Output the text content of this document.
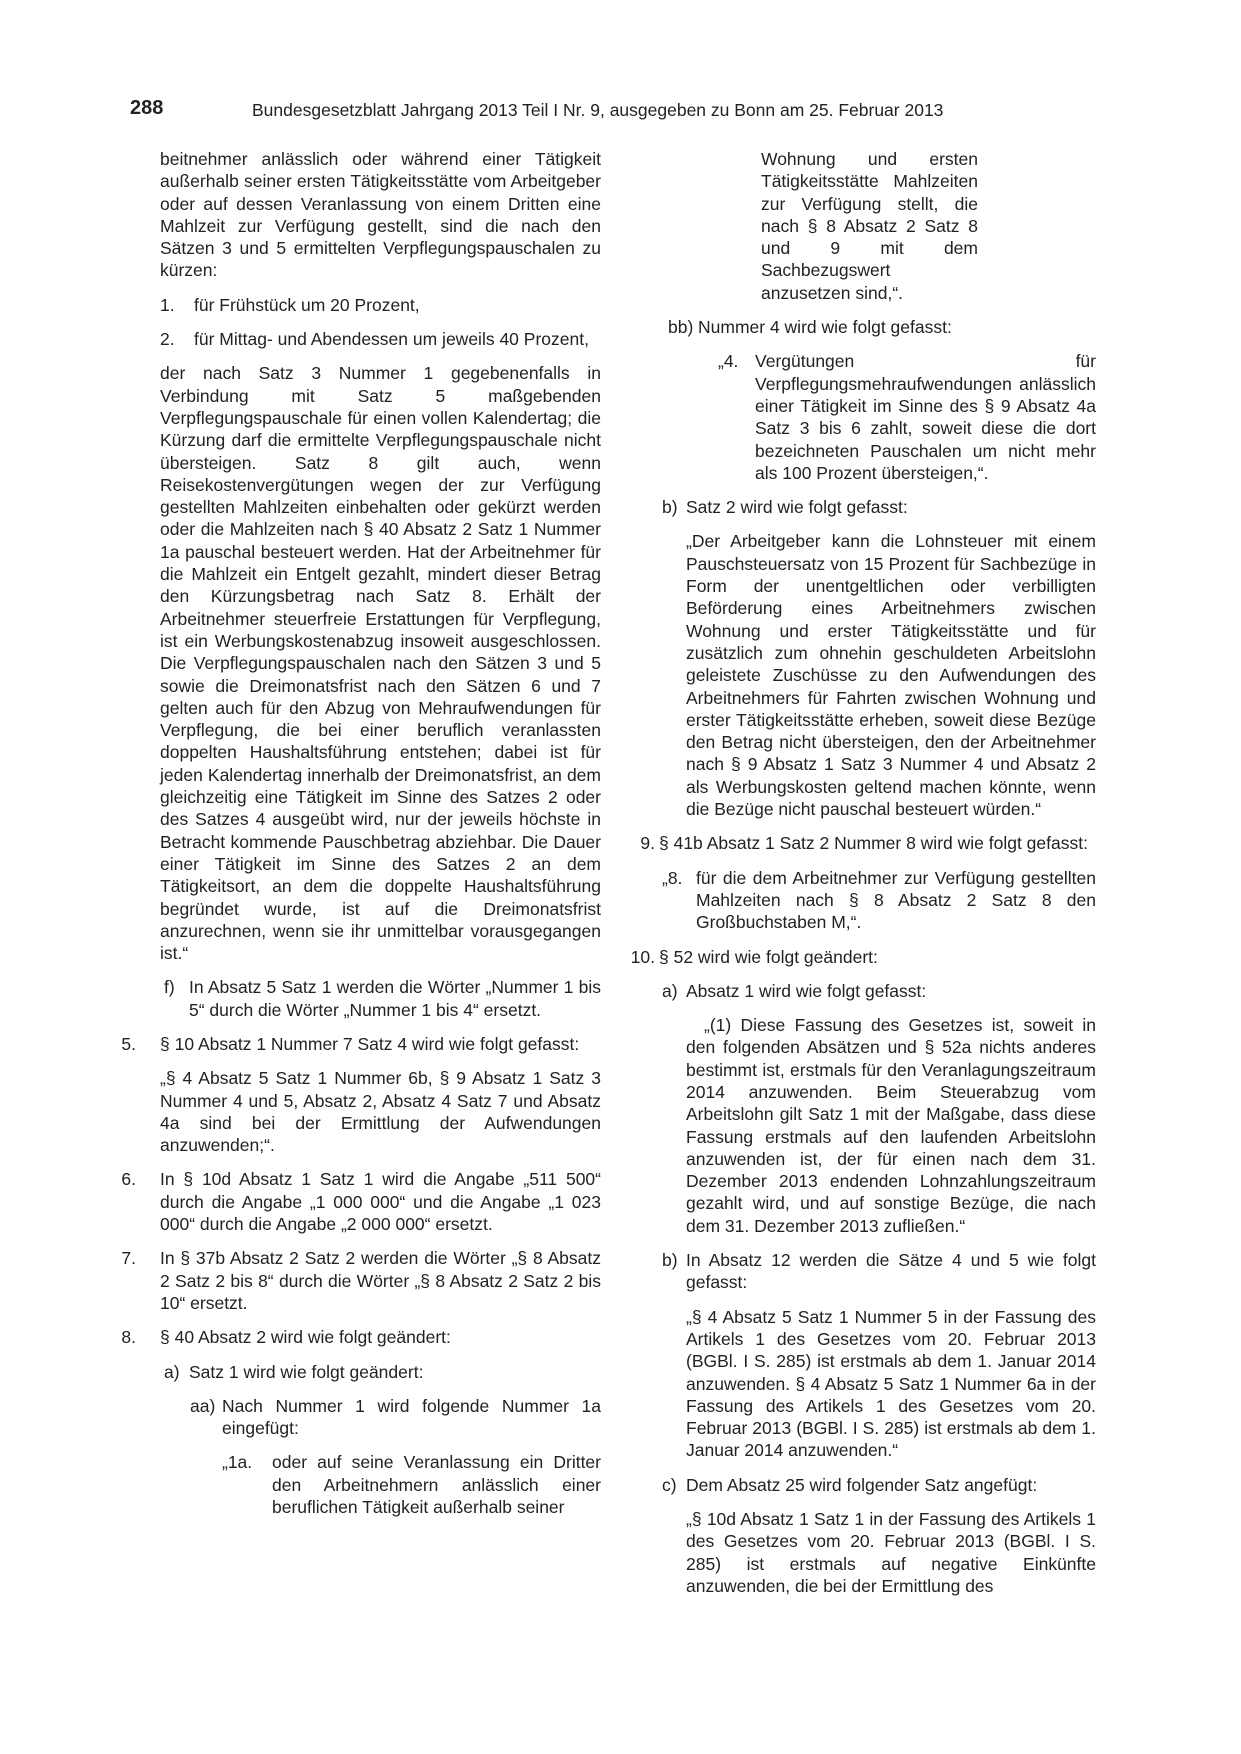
288	Bundesgesetzblatt Jahrgang 2013 Teil I Nr. 9, ausgegeben zu Bonn am 25. Februar 2013
beitnehmer anlässlich oder während einer Tätigkeit außerhalb seiner ersten Tätigkeitsstätte vom Arbeitgeber oder auf dessen Veranlassung von einem Dritten eine Mahlzeit zur Verfügung gestellt, sind die nach den Sätzen 3 und 5 ermittelten Verpflegungspauschalen zu kürzen:
1.	für Frühstück um 20 Prozent,
2.	für Mittag- und Abendessen um jeweils 40 Prozent,
der nach Satz 3 Nummer 1 gegebenenfalls in Verbindung mit Satz 5 maßgebenden Verpflegungspauschale für einen vollen Kalendertag; die Kürzung darf die ermittelte Verpflegungspauschale nicht übersteigen. Satz 8 gilt auch, wenn Reisekostenvergütungen wegen der zur Verfügung gestellten Mahlzeiten einbehalten oder gekürzt werden oder die Mahlzeiten nach § 40 Absatz 2 Satz 1 Nummer 1a pauschal besteuert werden. Hat der Arbeitnehmer für die Mahlzeit ein Entgelt gezahlt, mindert dieser Betrag den Kürzungsbetrag nach Satz 8. Erhält der Arbeitnehmer steuerfreie Erstattungen für Verpflegung, ist ein Werbungskostenabzug insoweit ausgeschlossen. Die Verpflegungspauschalen nach den Sätzen 3 und 5 sowie die Dreimonatsfrist nach den Sätzen 6 und 7 gelten auch für den Abzug von Mehraufwendungen für Verpflegung, die bei einer beruflich veranlassten doppelten Haushaltsführung entstehen; dabei ist für jeden Kalendertag innerhalb der Dreimonatsfrist, an dem gleichzeitig eine Tätigkeit im Sinne des Satzes 2 oder des Satzes 4 ausgeübt wird, nur der jeweils höchste in Betracht kommende Pauschbetrag abziehbar. Die Dauer einer Tätigkeit im Sinne des Satzes 2 an dem Tätigkeitsort, an dem die doppelte Haushaltsführung begründet wurde, ist auf die Dreimonatsfrist anzurechnen, wenn sie ihr unmittelbar vorausgegangen ist.“
f) In Absatz 5 Satz 1 werden die Wörter „Nummer 1 bis 5“ durch die Wörter „Nummer 1 bis 4“ ersetzt.
5. § 10 Absatz 1 Nummer 7 Satz 4 wird wie folgt gefasst:
„§ 4 Absatz 5 Satz 1 Nummer 6b, § 9 Absatz 1 Satz 3 Nummer 4 und 5, Absatz 2, Absatz 4 Satz 7 und Absatz 4a sind bei der Ermittlung der Aufwendungen anzuwenden;“.
6. In § 10d Absatz 1 Satz 1 wird die Angabe „511 500“ durch die Angabe „1 000 000“ und die Angabe „1 023 000“ durch die Angabe „2 000 000“ ersetzt.
7. In § 37b Absatz 2 Satz 2 werden die Wörter „§ 8 Absatz 2 Satz 2 bis 8“ durch die Wörter „§ 8 Absatz 2 Satz 2 bis 10“ ersetzt.
8. § 40 Absatz 2 wird wie folgt geändert:
a) Satz 1 wird wie folgt geändert:
aa) Nach Nummer 1 wird folgende Nummer 1a eingefügt:
„1a.	oder auf seine Veranlassung ein Dritter den Arbeitnehmern anlässlich einer beruflichen Tätigkeit außerhalb seiner
Wohnung und ersten Tätigkeitsstätte Mahlzeiten zur Verfügung stellt, die nach § 8 Absatz 2 Satz 8 und 9 mit dem Sachbezugswert anzusetzen sind,“.
bb) Nummer 4 wird wie folgt gefasst:
„4. Vergütungen für Verpflegungsmehraufwendungen anlässlich einer Tätigkeit im Sinne des § 9 Absatz 4a Satz 3 bis 6 zahlt, soweit diese die dort bezeichneten Pauschalen um nicht mehr als 100 Prozent übersteigen,“.
b) Satz 2 wird wie folgt gefasst:
„Der Arbeitgeber kann die Lohnsteuer mit einem Pauschsteuersatz von 15 Prozent für Sachbezüge in Form der unentgeltlichen oder verbilligten Beförderung eines Arbeitnehmers zwischen Wohnung und erster Tätigkeitsstätte und für zusätzlich zum ohnehin geschuldeten Arbeitslohn geleistete Zuschüsse zu den Aufwendungen des Arbeitnehmers für Fahrten zwischen Wohnung und erster Tätigkeitsstätte erheben, soweit diese Bezüge den Betrag nicht übersteigen, den der Arbeitnehmer nach § 9 Absatz 1 Satz 3 Nummer 4 und Absatz 2 als Werbungskosten geltend machen könnte, wenn die Bezüge nicht pauschal besteuert würden.“
9. § 41b Absatz 1 Satz 2 Nummer 8 wird wie folgt gefasst:
„8. für die dem Arbeitnehmer zur Verfügung gestellten Mahlzeiten nach § 8 Absatz 2 Satz 8 den Großbuchstaben M,“.
10. § 52 wird wie folgt geändert:
a) Absatz 1 wird wie folgt gefasst:
„(1) Diese Fassung des Gesetzes ist, soweit in den folgenden Absätzen und § 52a nichts anderes bestimmt ist, erstmals für den Veranlagungszeitraum 2014 anzuwenden. Beim Steuerabzug vom Arbeitslohn gilt Satz 1 mit der Maßgabe, dass diese Fassung erstmals auf den laufenden Arbeitslohn anzuwenden ist, der für einen nach dem 31. Dezember 2013 endenden Lohnzahlungszeitraum gezahlt wird, und auf sonstige Bezüge, die nach dem 31. Dezember 2013 zufließen.“
b) In Absatz 12 werden die Sätze 4 und 5 wie folgt gefasst:
„§ 4 Absatz 5 Satz 1 Nummer 5 in der Fassung des Artikels 1 des Gesetzes vom 20. Februar 2013 (BGBl. I S. 285) ist erstmals ab dem 1. Januar 2014 anzuwenden. § 4 Absatz 5 Satz 1 Nummer 6a in der Fassung des Artikels 1 des Gesetzes vom 20. Februar 2013 (BGBl. I S. 285) ist erstmals ab dem 1. Januar 2014 anzuwenden.“
c) Dem Absatz 25 wird folgender Satz angefügt:
„§ 10d Absatz 1 Satz 1 in der Fassung des Artikels 1 des Gesetzes vom 20. Februar 2013 (BGBl. I S. 285) ist erstmals auf negative Einkünfte anzuwenden, die bei der Ermittlung des
